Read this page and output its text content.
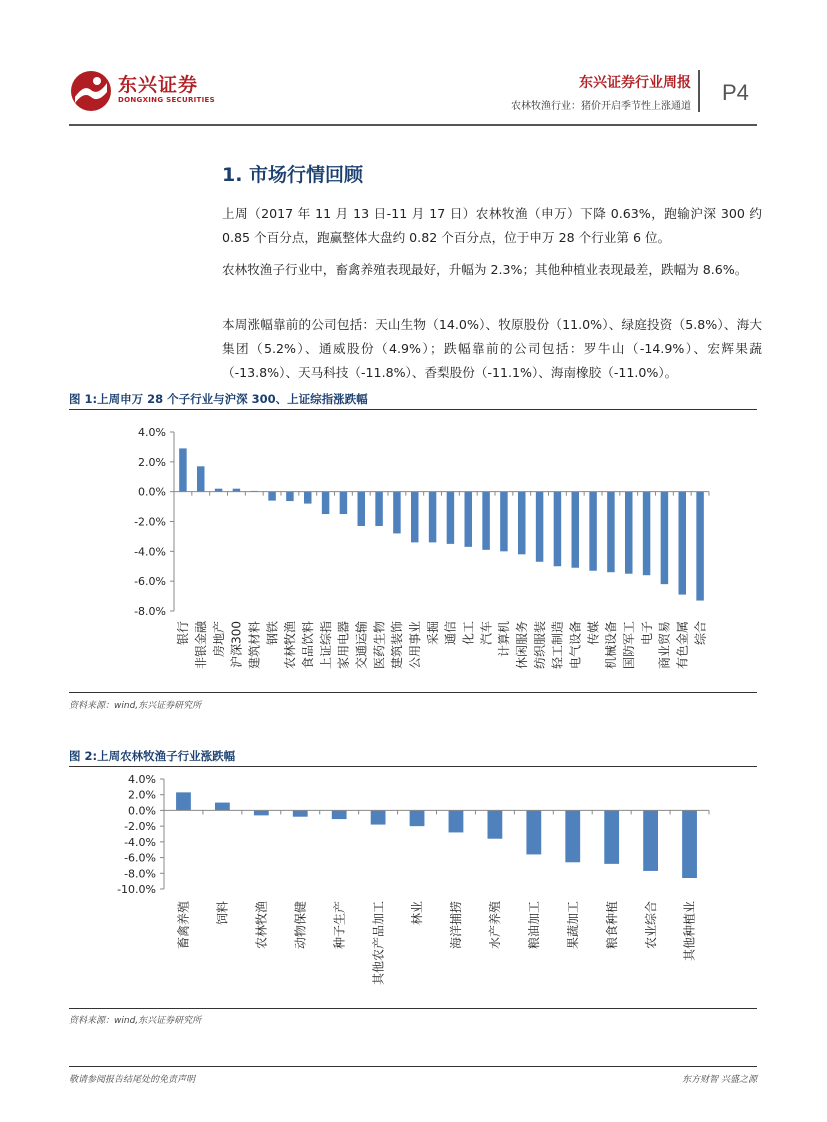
东兴证券
DONGXING SECURITIES
东兴证券行业周报
农林牧渔行业：猪价开启季节性上涨通道
P4
1. 市场行情回顾
上周（2017 年 11 月 13 日-11 月 17 日）农林牧渔（申万）下降 0.63%，跑输沪深 300 约 0.85 个百分点，跑赢整体大盘约 0.82 个百分点，位于申万 28 个行业第 6 位。
农林牧渔子行业中，畜禽养殖表现最好，升幅为 2.3%；其他种植业表现最差，跌幅为 8.6%。
本周涨幅靠前的公司包括：天山生物（14.0%）、牧原股份（11.0%）、绿庭投资（5.8%）、海大集团（5.2%）、通威股份（4.9%）；跌幅靠前的公司包括：罗牛山（-14.9%）、宏辉果蔬（-13.8%）、天马科技（-11.8%）、香梨股份（-11.1%）、海南橡胶（-11.0%）。
图 1:上周申万 28 个子行业与沪深 300、上证综指涨跌幅
4.0%
2.0%
0.0%
-2.0%
-4.0%
-6.0%
-8.0%
银行 非银金融 房地产 沪深300 建筑材料 钢铁 农林牧渔 食品饮料 上证综指 家用电器 交通运输 医药生物 建筑装饰 公用事业 采掘 通信 化工 汽车 计算机 休闲服务 纺织服装 轻工制造 电气设备 传媒 机械设备 国防军工 电子 商业贸易 有色金属 综合
资料来源：wind,东兴证券研究所
图 2:上周农林牧渔子行业涨跌幅
4.0%
2.0%
0.0%
-2.0%
-4.0%
-6.0%
-8.0%
-10.0%
畜禽养殖 饲料 农林牧渔 动物保健 种子生产 其他农产品加工 林业 海洋捕捞 水产养殖 粮油加工 果蔬加工 粮食种植 农业综合 其他种植业
资料来源：wind,东兴证券研究所
敬请参阅报告结尾处的免责声明	东方财智 兴盛之源
